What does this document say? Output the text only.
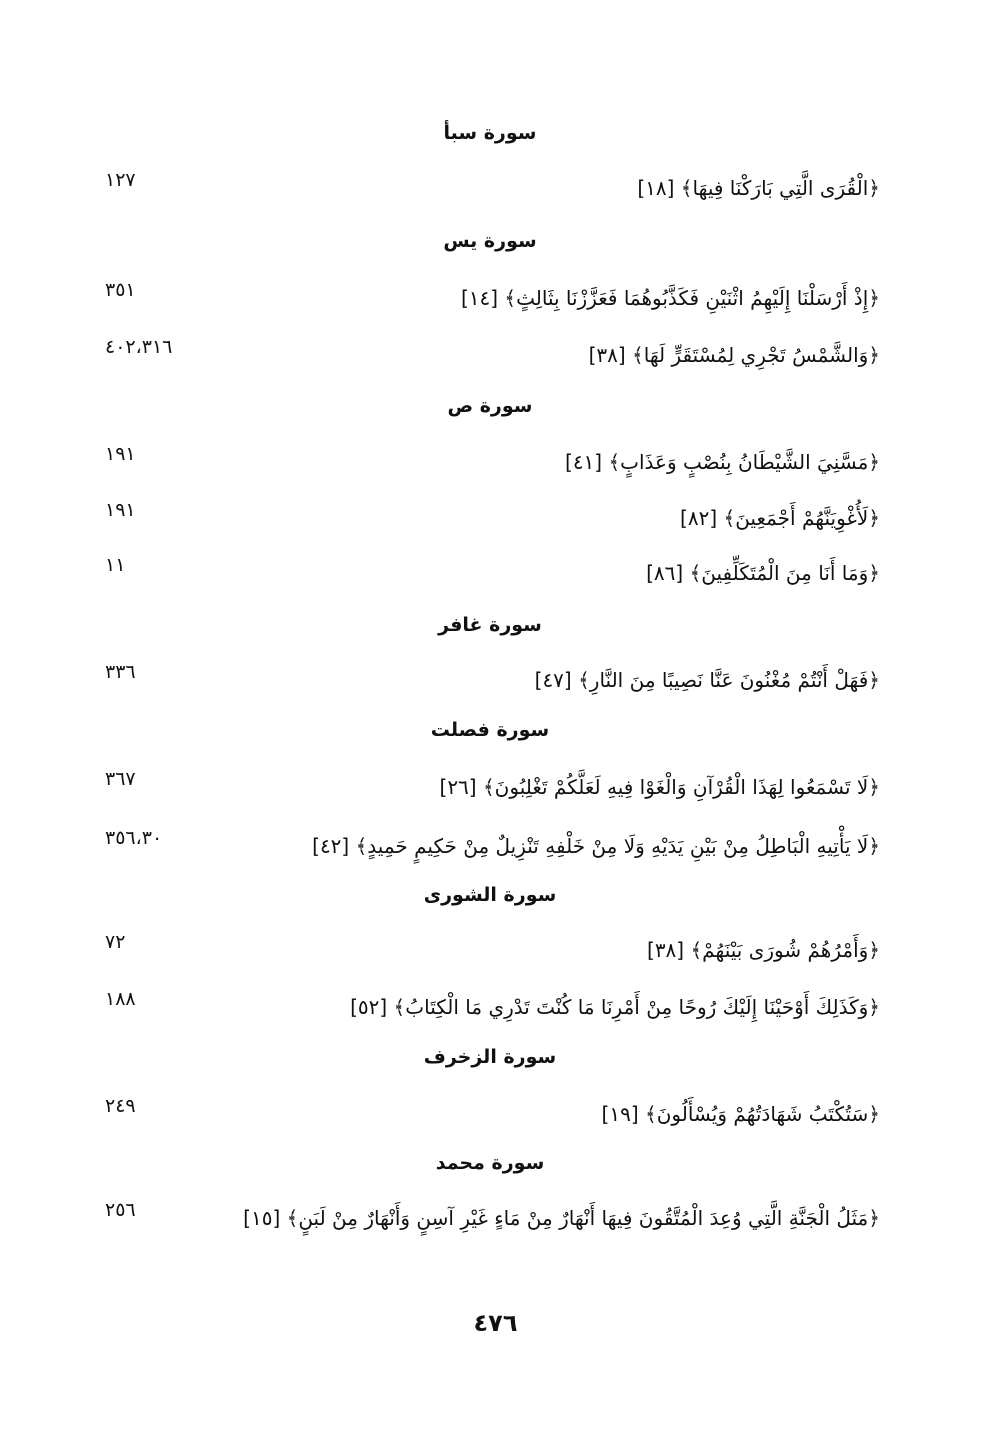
سورة سبأ
﴿الْقُرَى الَّتِي بَارَكْنَا فِيهَا﴾ [١٨]
١٢٧
سورة يس
﴿إِذْ أَرْسَلْنَا إِلَيْهِمُ اثْنَيْنِ فَكَذَّبُوهُمَا فَعَزَّزْنَا بِثَالِثٍ﴾ [١٤]
٣٥١
﴿وَالشَّمْسُ تَجْرِي لِمُسْتَقَرٍّ لَهَا﴾ [٣٨]
٤٠٢،٣١٦
سورة ص
﴿مَسَّنِيَ الشَّيْطَانُ بِنُصْبٍ وَعَذَابٍ﴾ [٤١]
١٩١
﴿لَأُغْوِيَنَّهُمْ أَجْمَعِينَ﴾ [٨٢]
١٩١
﴿وَمَا أَنَا مِنَ الْمُتَكَلِّفِينَ﴾ [٨٦]
١١
سورة غافر
﴿فَهَلْ أَنْتُمْ مُغْنُونَ عَنَّا نَصِيبًا مِنَ النَّارِ﴾ [٤٧]
٣٣٦
سورة فصلت
﴿لَا تَسْمَعُوا لِهَذَا الْقُرْآنِ وَالْغَوْا فِيهِ لَعَلَّكُمْ تَغْلِبُونَ﴾ [٢٦]
٣٦٧
﴿لَا يَأْتِيهِ الْبَاطِلُ مِنْ بَيْنِ يَدَيْهِ وَلَا مِنْ خَلْفِهِ تَنْزِيلٌ مِنْ حَكِيمٍ حَمِيدٍ﴾ [٤٢]
٣٥٦،٣٠
سورة الشورى
﴿وَأَمْرُهُمْ شُورَى بَيْنَهُمْ﴾ [٣٨]
٧٢
﴿وَكَذَلِكَ أَوْحَيْنَا إِلَيْكَ رُوحًا مِنْ أَمْرِنَا مَا كُنْتَ تَدْرِي مَا الْكِتَابُ﴾ [٥٢]
١٨٨
سورة الزخرف
﴿سَتُكْتَبُ شَهَادَتُهُمْ وَيُسْأَلُونَ﴾ [١٩]
٢٤٩
سورة محمد
﴿مَثَلُ الْجَنَّةِ الَّتِي وُعِدَ الْمُتَّقُونَ فِيهَا أَنْهَارٌ مِنْ مَاءٍ غَيْرِ آسِنٍ وَأَنْهَارٌ مِنْ لَبَنٍ﴾ [١٥]
٢٥٦
٤٧٦
